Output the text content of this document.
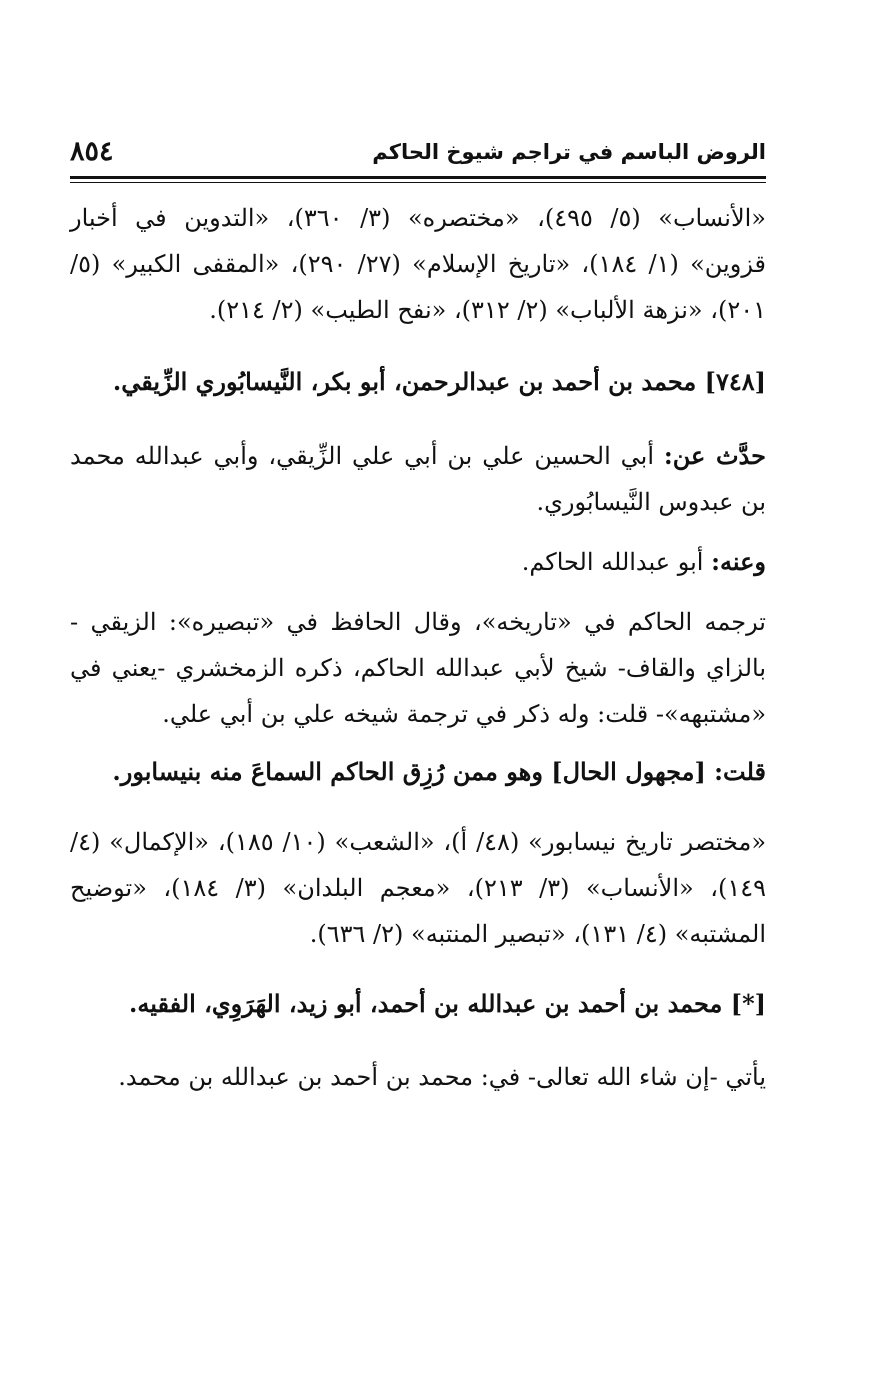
الروض الباسم في تراجم شيوخ الحاكم
٨٥٤

«الأنساب» (٥/ ٤٩٥)، «مختصره» (٣/ ٣٦٠)، «التدوين في أخبار قزوين» (١/ ١٨٤)، «تاريخ الإسلام» (٢٧/ ٢٩٠)، «المقفى الكبير» (٥/ ٢٠١)، «نزهة الألباب» (٢/ ٣١٢)، «نفح الطيب» (٢/ ٢١٤).

[٧٤٨] محمد بن أحمد بن عبدالرحمن، أبو بكر، النَّيسابُوري الزِّيقي.

حدَّث عن: أبي الحسين علي بن أبي علي الزِّيقي، وأبي عبدالله محمد بن عبدوس النَّيسابُوري.

وعنه: أبو عبدالله الحاكم.

ترجمه الحاكم في «تاريخه»، وقال الحافظ في «تبصيره»: الزيقي - بالزاي والقاف- شيخ لأبي عبدالله الحاكم، ذكره الزمخشري -يعني في «مشتبهه»- قلت: وله ذكر في ترجمة شيخه علي بن أبي علي.

قلت: [مجهول الحال] وهو ممن رُزِق الحاكم السماعَ منه بنيسابور.

«مختصر تاريخ نيسابور» (٤٨/ أ)، «الشعب» (١٠/ ١٨٥)، «الإكمال» (٤/ ١٤٩)، «الأنساب» (٣/ ٢١٣)، «معجم البلدان» (٣/ ١٨٤)، «توضيح المشتبه» (٤/ ١٣١)، «تبصير المنتبه» (٢/ ٦٣٦).

[*] محمد بن أحمد بن عبدالله بن أحمد، أبو زيد، الهَرَوِي، الفقيه.

يأتي -إن شاء الله تعالى- في: محمد بن أحمد بن عبدالله بن محمد.
